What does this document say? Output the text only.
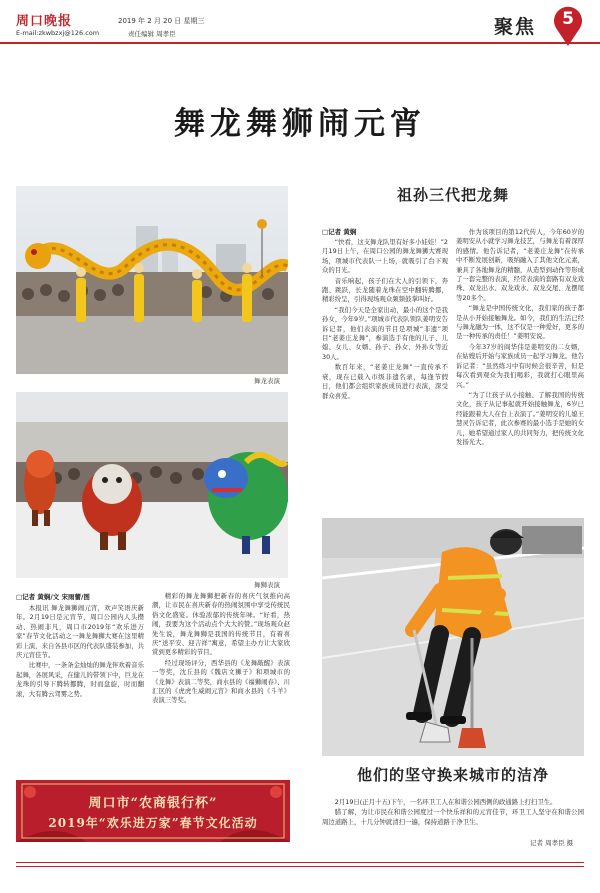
周口晚报	2019 年 2 月 20 日 星期三
E-mail:zkwbzxj@126.com	责任编辑 周孝臣	聚焦	5
舞龙舞狮闹元宵
舞龙表演
舞狮表演
祖孙三代把龙舞
□记者 黄娴

“快看，这支舞龙队里有好多小娃娃！”2月19日上午，在周口公园的舞龙舞狮大赛现场，项城市代表队一上场，就吸引了台下观众的目光。

音乐响起，孩子们在大人的引领下，奔跑、跳跃，长龙随着龙珠在空中翻转腾挪，精彩纷呈，引得现场观众频频鼓掌叫好。

“我们今天是全家出动，最小的这个是我孙女，今年9岁。”项城市代表队领队姜明安告诉记者，他们表演的节目是项城“非遗”项目“老姜庄龙舞”，参演选手有他的儿子、儿媳、女儿、女婿、孙子、孙女、外孙女等近30人。

数百年来，“老姜庄龙舞”一直传承不衰，现在已载入市级非遗名录，每逢节假日，他们都会组织家族成员进行表演，深受群众喜爱。

作为该项目的第12代传人，今年60岁的姜明安从小就学习舞龙技艺，与舞龙有着深厚的感情。他告诉记者，“老姜庄龙舞”在传承中不断发展创新，吸纳融入了其他文化元素，兼具了各地舞龙的精髓，从造型到动作等形成了一套完整的表演，经常表演的套路有双龙戏珠、双龙出水、双龙戏水、双龙交尾、龙摆尾等20多个。

“舞龙是中国传统文化，我们家的孩子都是从小开始接触舞龙。如今，我们的生活已经与舞龙融为一体，这不仅是一种爱好，更多的是一种传承的责任！”姜明安说。

今年37岁的阎华伟是姜明安的二女婿，在姑嫂后开始与家族成员一起学习舞龙。他告诉记者：“虽然练习中有时候会很辛苦，但是每次看到观众为我们喝彩，我就打心眼里高兴。”

“为了让孩子从小接触、了解我国的传统文化，孩子从记事起就开始接触舞龙，6岁已经能跟着大人在台上表演了。”姜明安的儿媳王慧灵告诉记者，此次参赛的最小选手是她的女儿，她希望通过家人的共同努力，把传统文化发扬光大。

□记者 黄娴/文 宋雨蕾/图

本报讯 舞龙舞狮闹元宵，欢声笑语庆新年。2月19日是元宵节，周口公园内人头攒动、热闹非凡，周口市2019年“欢乐进万家”春节文化活动之一舞龙舞狮大赛在这里精彩上演，来自各县市区的代表队盛装参加，共庆元宵佳节。

比赛中，一条条金灿灿的舞龙伴欢着音乐起舞，各展风采，在健儿的带领下中，巨龙在龙珠的引导下腾转挪腾，时而盘旋，时而翻滚，大有腾云驾雾之势。

精彩的舞龙舞狮把新春的喜庆气氛推向高潮，让市民在喜庆新春的热闹氛围中享受传统民俗文化盛宴。休验浓郁的传统年味。“好看，热闹，我要为这个活动点个大大的赞。”现场观众赵先生说，舞龙舞狮是我国的传统节目，有着喜庆“送平安、迎吉祥”寓意，希望主办方让大家欣赏到更多精彩的节目。

经过现场评分，西华县的《龙舞敲醒》表演一等奖，沈丘县的《魏店文狮子》和项城市的《龙舞》表演二等奖，商水县的《福狮闹春》、川汇区的《虎虎生威闹元宵》和商水县的《斗羊》表演三等奖。

周口市“农商银行杯”
2019年“欢乐进万家”春节文化活动
他们的坚守换来城市的洁净

2月19日(正月十五)下午，一名环卫工人在和谐公园西侧的政通路上打扫卫生。

腊了解，为让市民在和谐公园度过一个快乐祥和的元宵佳节，环卫工人坚守在和谐公园周边道路上，十几分钟就清扫一遍，保持道路干净卫生。

记者 周孝臣 摄
